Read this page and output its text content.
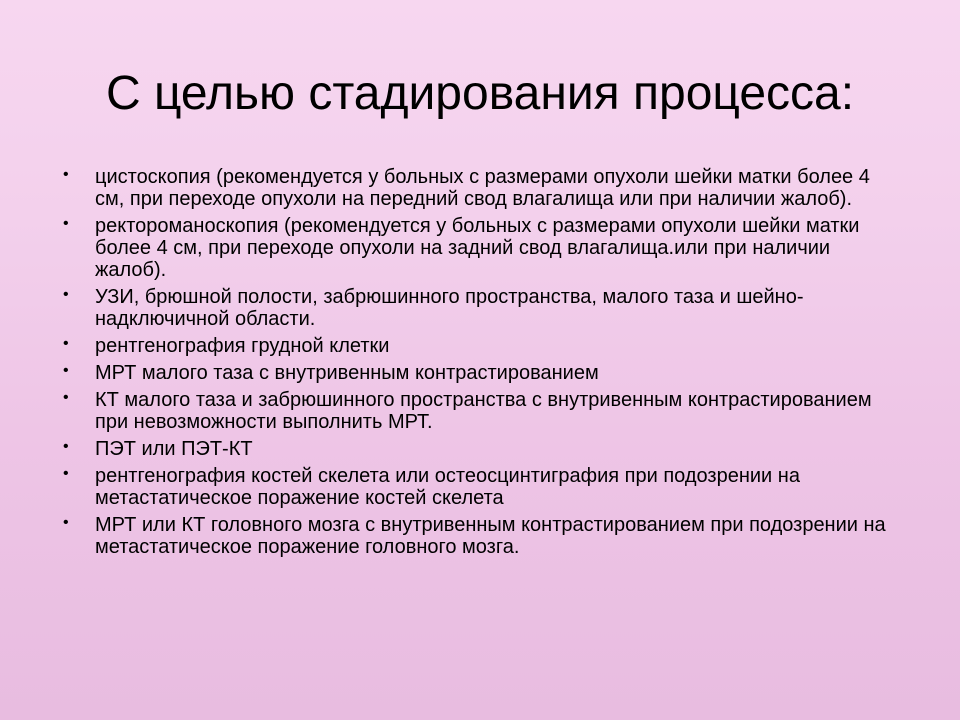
С целью стадирования процесса:
• цистоскопия (рекомендуется у больных с размерами опухоли шейки матки более 4 см, при переходе опухоли на передний свод влагалища или при наличии жалоб).
• ректороманоскопия (рекомендуется у больных с размерами опухоли шейки матки более 4 см, при переходе опухоли на задний свод влагалища.или при наличии жалоб).
• УЗИ, брюшной полости, забрюшинного пространства, малого таза и шейно-надключичной области.
• рентгенография грудной клетки
• МРТ малого таза с внутривенным контрастированием
• КТ малого таза и забрюшинного пространства с внутривенным контрастированием при невозможности выполнить МРТ.
• ПЭТ или ПЭТ-КТ
• рентгенография костей скелета или остеосцинтиграфия при подозрении на метастатическое поражение костей скелета
• МРТ или КТ головного мозга с внутривенным контрастированием при подозрении на метастатическое поражение головного мозга.
